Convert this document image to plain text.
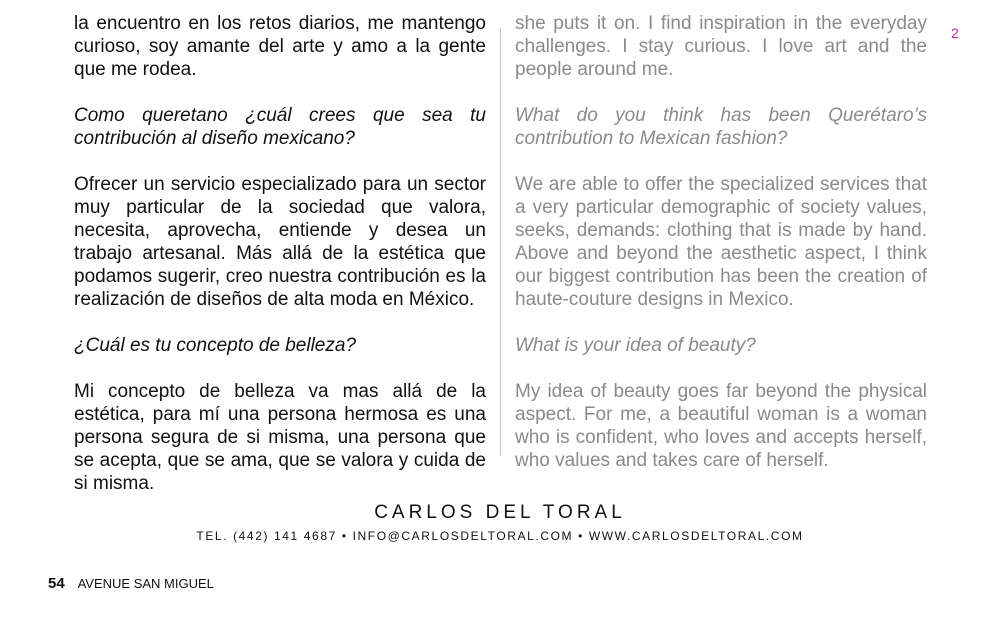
la encuentro en los retos diarios, me mantengo curioso, soy amante del arte y amo a la gente que me rodea.

Como queretano ¿cuál crees que sea tu contribución al diseño mexicano?

Ofrecer un servicio especializado para un sector muy particular de la sociedad que valora, necesita, aprovecha, entiende y desea un trabajo artesanal. Más allá de la estética que podamos sugerir, creo nuestra contribución es la realización de diseños de alta moda en México.

¿Cuál es tu concepto de belleza?

Mi concepto de belleza va mas allá de la estética, para mí una persona hermosa es una persona segura de si misma, una persona que se acepta, que se ama, que se valora y cuida de si misma.

she puts it on. I find inspiration in the everyday challenges. I stay curious. I love art and the people around me.

What do you think has been Querétaro’s contribution to Mexican fashion?

We are able to offer the specialized services that a very particular demographic of society values, seeks, demands: clothing that is made by hand. Above and beyond the aesthetic aspect, I think our biggest contribution has been the creation of haute-couture designs in Mexico.

What is your idea of beauty?

My idea of beauty goes far beyond the physical aspect. For me, a beautiful woman is a woman who is confident, who loves and accepts herself, who values and takes care of herself.

2
CARLOS DEL TORAL
TEL. (442) 141 4687 • INFO@CARLOSDELTORAL.COM • WWW.CARLOSDELTORAL.COM
54 AVENUE SAN MIGUEL
